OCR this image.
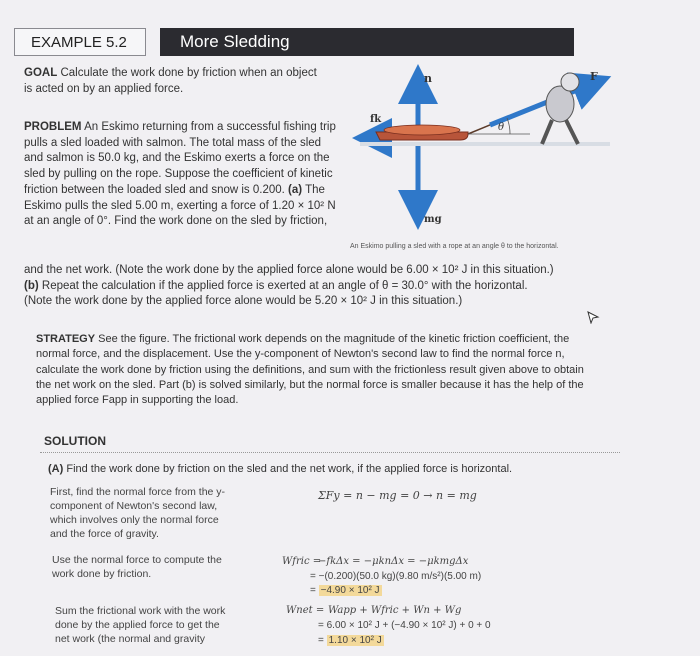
EXAMPLE 5.2	More Sledding
GOAL Calculate the work done by friction when an object is acted on by an applied force.
PROBLEM An Eskimo returning from a successful fishing trip pulls a sled loaded with salmon. The total mass of the sled and salmon is 50.0 kg, and the Eskimo exerts a force on the sled by pulling on the rope. Suppose the coefficient of kinetic friction between the loaded sled and snow is 0.200. (a) The Eskimo pulls the sled 5.00 m, exerting a force of 1.20 × 10² N at an angle of 0°. Find the work done on the sled by friction,
and the net work. (Note the work done by the applied force alone would be 6.00 × 10² J in this situation.)
(b) Repeat the calculation if the applied force is exerted at an angle of θ = 30.0° with the horizontal.
(Note the work done by the applied force alone would be 5.20 × 10² J in this situation.)
n
fk
mg
F
θ
An Eskimo pulling a sled with a rope at an angle θ to the horizontal.
STRATEGY See the figure. The frictional work depends on the magnitude of the kinetic friction coefficient, the normal force, and the displacement. Use the y-component of Newton's second law to find the normal force n, calculate the work done by friction using the definitions, and sum with the frictionless result given above to obtain the net work on the sled. Part (b) is solved similarly, but the normal force is smaller because it has the help of the applied force Fapp in supporting the load.
SOLUTION
(A) Find the work done by friction on the sled and the net work, if the applied force is horizontal.
First, find the normal force from the y-component of Newton's second law, which involves only the normal force and the force of gravity.
ΣFy = n − mg = 0 → n = mg
Use the normal force to compute the work done by friction.
Wfric =
−fkΔx = −μknΔx = −μkmgΔx
= −(0.200)(50.0 kg)(9.80 m/s²)(5.00 m)
= −4.90 × 10² J
Sum the frictional work with the work done by the applied force to get the net work (the normal and gravity
Wnet = Wapp + Wfric + Wn + Wg
= 6.00 × 10² J + (−4.90 × 10² J) + 0 + 0
= 1.10 × 10² J
